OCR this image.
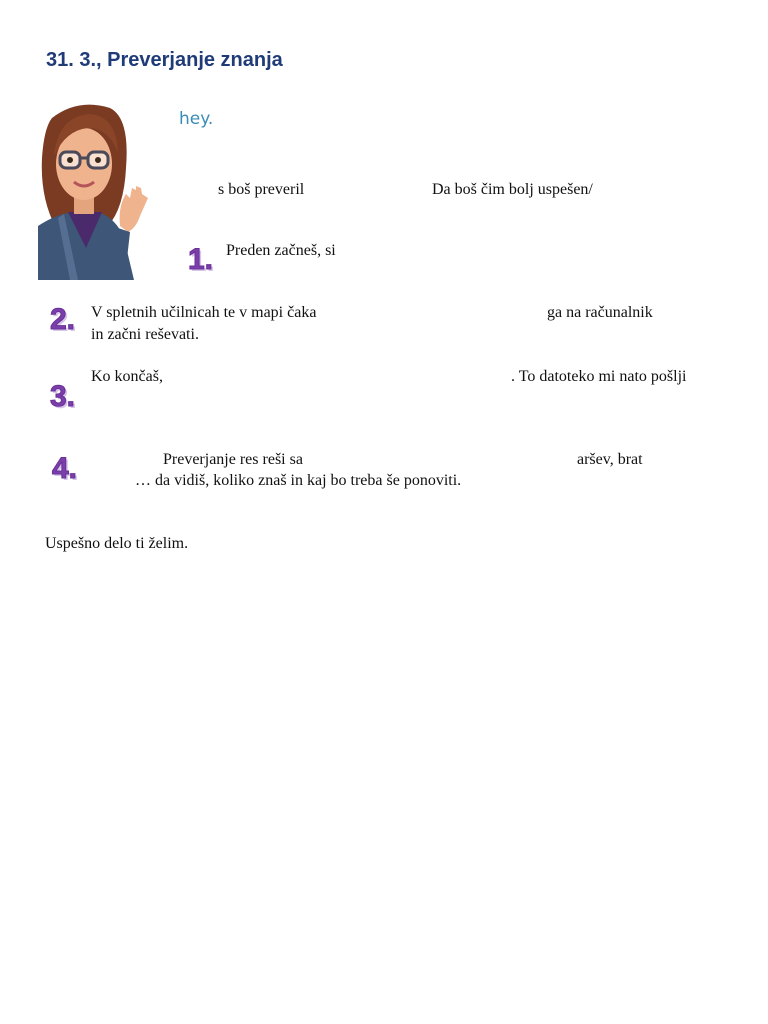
31. 3., Preverjanje znanja
hey.
s boš preveril	Da boš čim bolj uspešen/
1. Preden začneš, si
2. V spletnih učilnicah te v mapi čaka	ga na računalnik
in začni reševati.
3.
Ko končaš,	. To datoteko mi nato pošlji
4.	Preverjanje res reši sa	aršev, brat
… da vidiš, koliko znaš in kaj bo treba še ponoviti.
Uspešno delo ti želim.
